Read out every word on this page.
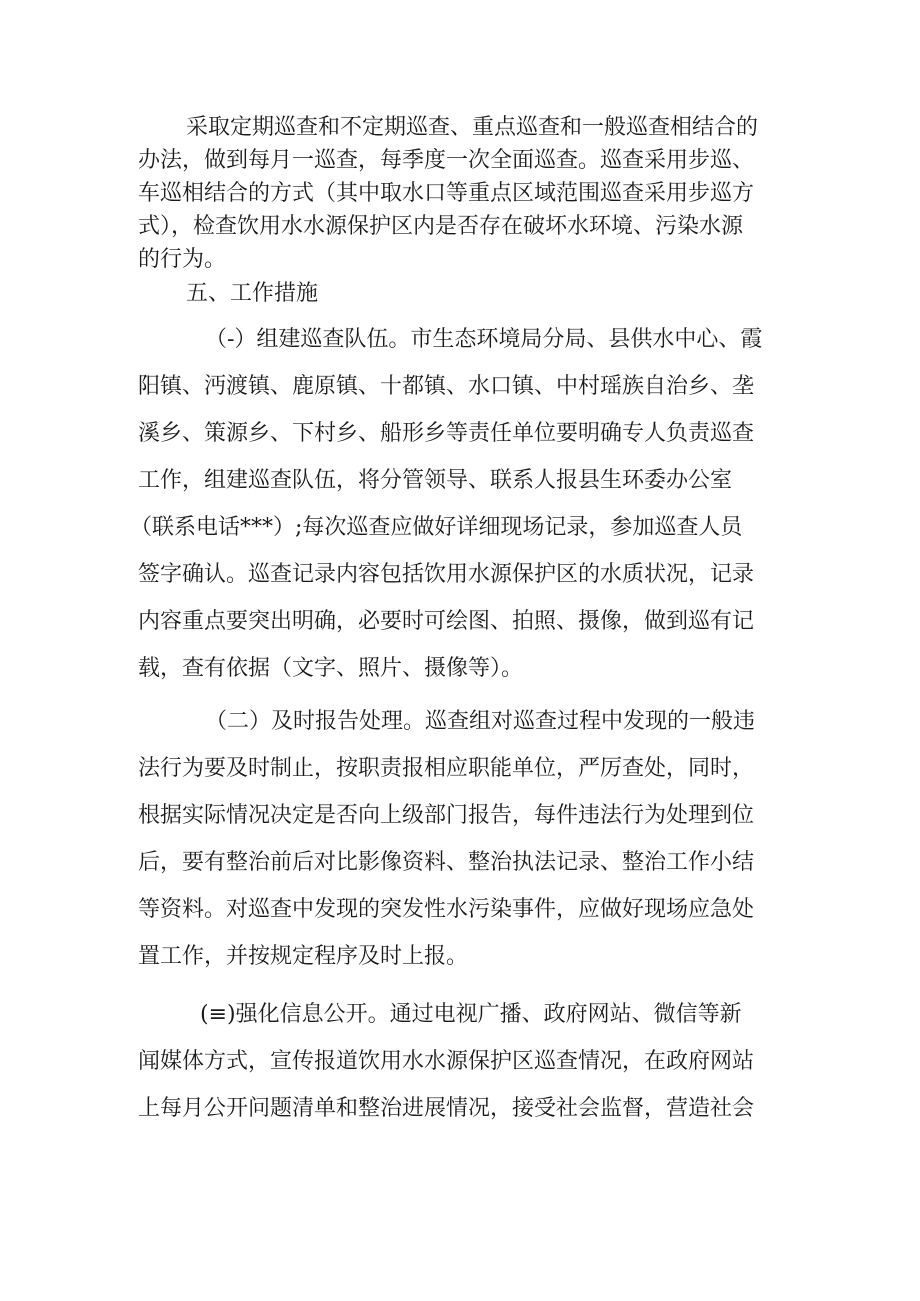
采取定期巡查和不定期巡查、重点巡查和一般巡查相结合的
办法，做到每月一巡查，每季度一次全面巡查。巡查采用步巡、
车巡相结合的方式（其中取水口等重点区域范围巡查采用步巡方
式），检查饮用水水源保护区内是否存在破坏水环境、污染水源
的行为。
五、工作措施
（-）组建巡查队伍。市生态环境局分局、县供水中心、霞
阳镇、沔渡镇、鹿原镇、十都镇、水口镇、中村瑶族自治乡、垄
溪乡、策源乡、下村乡、船形乡等责任单位要明确专人负责巡查
工作，组建巡查队伍，将分管领导、联系人报县生环委办公室
（联系电话***）;每次巡查应做好详细现场记录，参加巡查人员
签字确认。巡查记录内容包括饮用水源保护区的水质状况，记录
内容重点要突出明确，必要时可绘图、拍照、摄像，做到巡有记
载，查有依据（文字、照片、摄像等）。
（二）及时报告处理。巡查组对巡查过程中发现的一般违
法行为要及时制止，按职责报相应职能单位，严厉查处，同时，
根据实际情况决定是否向上级部门报告，每件违法行为处理到位
后，要有整治前后对比影像资料、整治执法记录、整治工作小结
等资料。对巡查中发现的突发性水污染事件，应做好现场应急处
置工作，并按规定程序及时上报。
(≡)强化信息公开。通过电视广播、政府网站、微信等新
闻媒体方式，宣传报道饮用水水源保护区巡查情况，在政府网站
上每月公开问题清单和整治进展情况，接受社会监督，营造社会
